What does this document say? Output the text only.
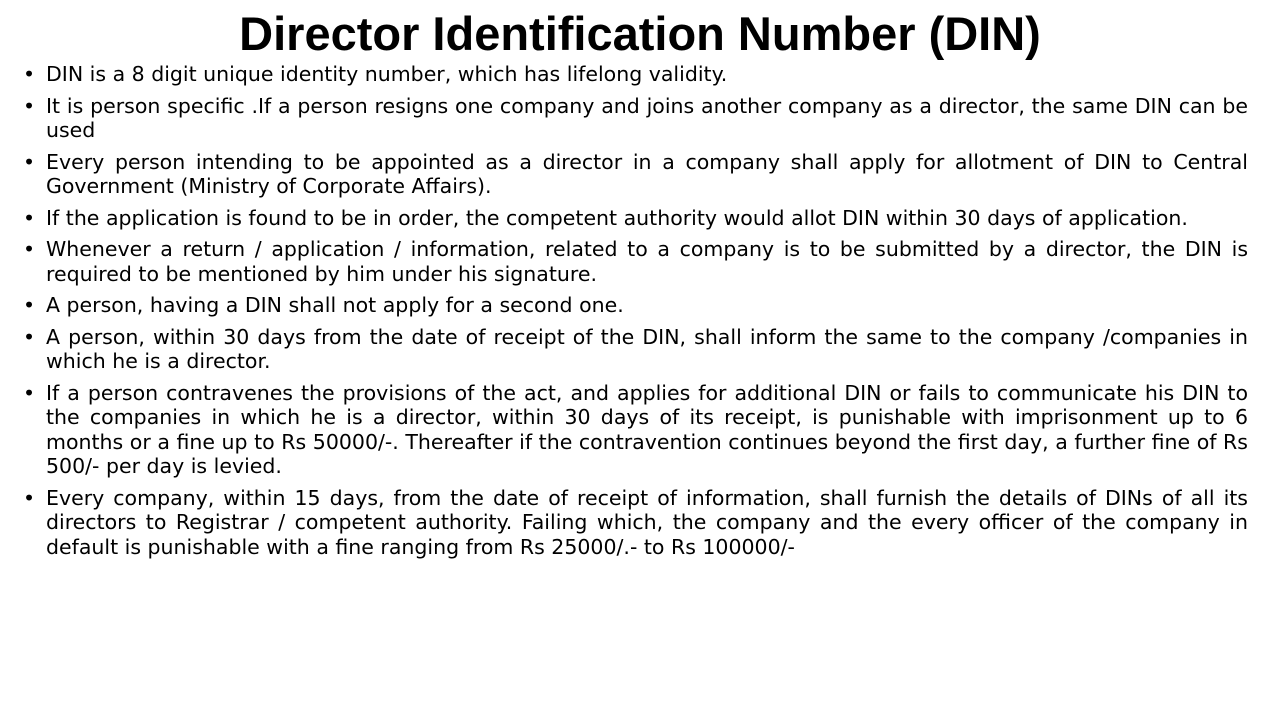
Director Identification Number (DIN)
• DIN is a 8 digit unique identity number, which has lifelong validity.
• It is person specific .If a person resigns one company and joins another company as a director, the same DIN can be used
• Every person intending to be appointed as a director in a company shall apply for allotment of DIN to Central Government (Ministry of Corporate Affairs).
• If the application is found to be in order, the competent authority would allot DIN within 30 days of application.
• Whenever a return / application / information, related to a company is to be submitted by a director, the DIN is required to be mentioned by him under his signature.
• A person, having a DIN shall not apply for a second one.
• A person, within 30 days from the date of receipt of the DIN, shall inform the same to the company /companies in which he is a director.
• If a person contravenes the provisions of the act, and applies for additional DIN or fails to communicate his DIN to the companies in which he is a director, within 30 days of its receipt, is punishable with imprisonment up to 6 months or a fine up to Rs 50000/-. Thereafter if the contravention continues beyond the first day, a further fine of Rs 500/- per day is levied.
• Every company, within 15 days, from the date of receipt of information, shall furnish the details of DINs of all its directors to Registrar / competent authority. Failing which, the company and the every officer of the company in default is punishable with a fine ranging from Rs 25000/.- to Rs 100000/-
